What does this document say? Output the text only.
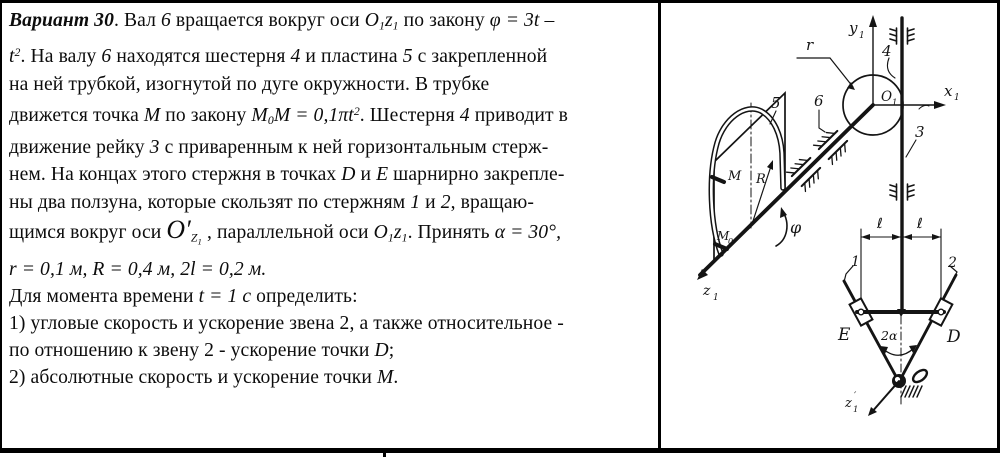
Вариант 30. Вал 6 вращается вокруг оси $O_1z_1$ по закону φ = 3t –
$t^2$. На валу 6 находятся шестерня 4 и пластина 5 с закрепленной
на ней трубкой, изогнутой по дуге окружности. В трубке
движется точка M по закону $M_0M = 0,1\pi t^2$. Шестерня 4 приводит в
движение рейку 3 с приваренным к ней горизонтальным стерж-
нем. На концах этого стержня в точках D и E шарнирно закрепле-
ны два ползуна, которые скользят по стержням 1 и 2, вращаю-
щимся вокруг оси $O'_{Z1}$ , параллельной оси $O_1z_1$. Принять α = 30°,
r = 0,1 м, R = 0,4 м, 2l = 0,2 м.
Для момента времени t = 1 с определить:
1) угловые скорость и ускорение звена 2, а также относительное -
по отношению к звену 2 - ускорение точки D;
2) абсолютные скорость и ускорение точки M.
y 1
x 1
O 1
4
r
6
5
3
M R
M
0
z 1
φ	ℓ ℓ
1	2
E	D
2α
z ′
1
